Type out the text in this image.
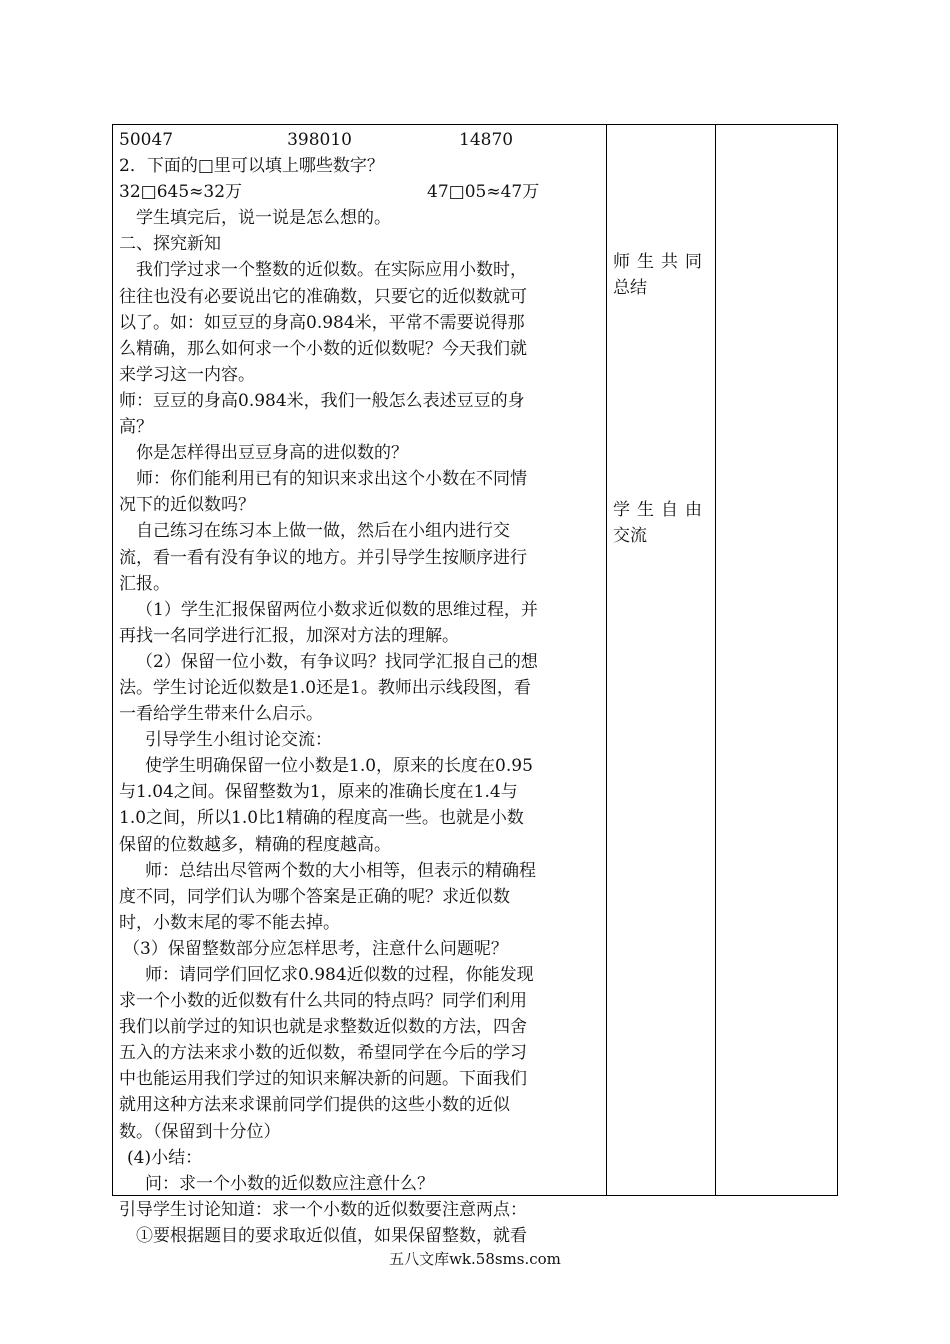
50047	398010	14870
2．下面的□里可以填上哪些数字？
32□645≈32万	47□05≈47万
学生填完后，说一说是怎么想的。
二、探究新知
我们学过求一个整数的近似数。在实际应用小数时，
往往也没有必要说出它的准确数，只要它的近似数就可
以了。如：如豆豆的身高0.984米，平常不需要说得那
么精确，那么如何求一个小数的近似数呢？今天我们就
来学习这一内容。
师：豆豆的身高0.984米，我们一般怎么表述豆豆的身
高？
你是怎样得出豆豆身高的进似数的？
师：你们能利用已有的知识来求出这个小数在不同情
况下的近似数吗？
自己练习在练习本上做一做，然后在小组内进行交
流，看一看有没有争议的地方。并引导学生按顺序进行
汇报。
（1）学生汇报保留两位小数求近似数的思维过程，并
再找一名同学进行汇报，加深对方法的理解。
（2）保留一位小数，有争议吗？找同学汇报自己的想
法。学生讨论近似数是1.0还是1。教师出示线段图，看
一看给学生带来什么启示。
引导学生小组讨论交流：
使学生明确保留一位小数是1.0，原来的长度在0.95
与1.04之间。保留整数为1，原来的准确长度在1.4与
1.0之间，所以1.0比1精确的程度高一些。也就是小数
保留的位数越多，精确的程度越高。
师：总结出尽管两个数的大小相等，但表示的精确程
度不同，同学们认为哪个答案是正确的呢？求近似数
时，小数末尾的零不能去掉。
（3）保留整数部分应怎样思考，注意什么问题呢？
师：请同学们回忆求0.984近似数的过程，你能发现
求一个小数的近似数有什么共同的特点吗？同学们利用
我们以前学过的知识也就是求整数近似数的方法，四舍
五入的方法来求小数的近似数，希望同学在今后的学习
中也能运用我们学过的知识来解决新的问题。下面我们
就用这种方法来求课前同学们提供的这些小数的近似
数。（保留到十分位）
(4)小结：
问：求一个小数的近似数应注意什么？
引导学生讨论知道：求一个小数的近似数要注意两点：
①要根据题目的要求取近似值，如果保留整数，就看
师生共同
总结
学生自由
交流
五八文库wk.58sms.com
